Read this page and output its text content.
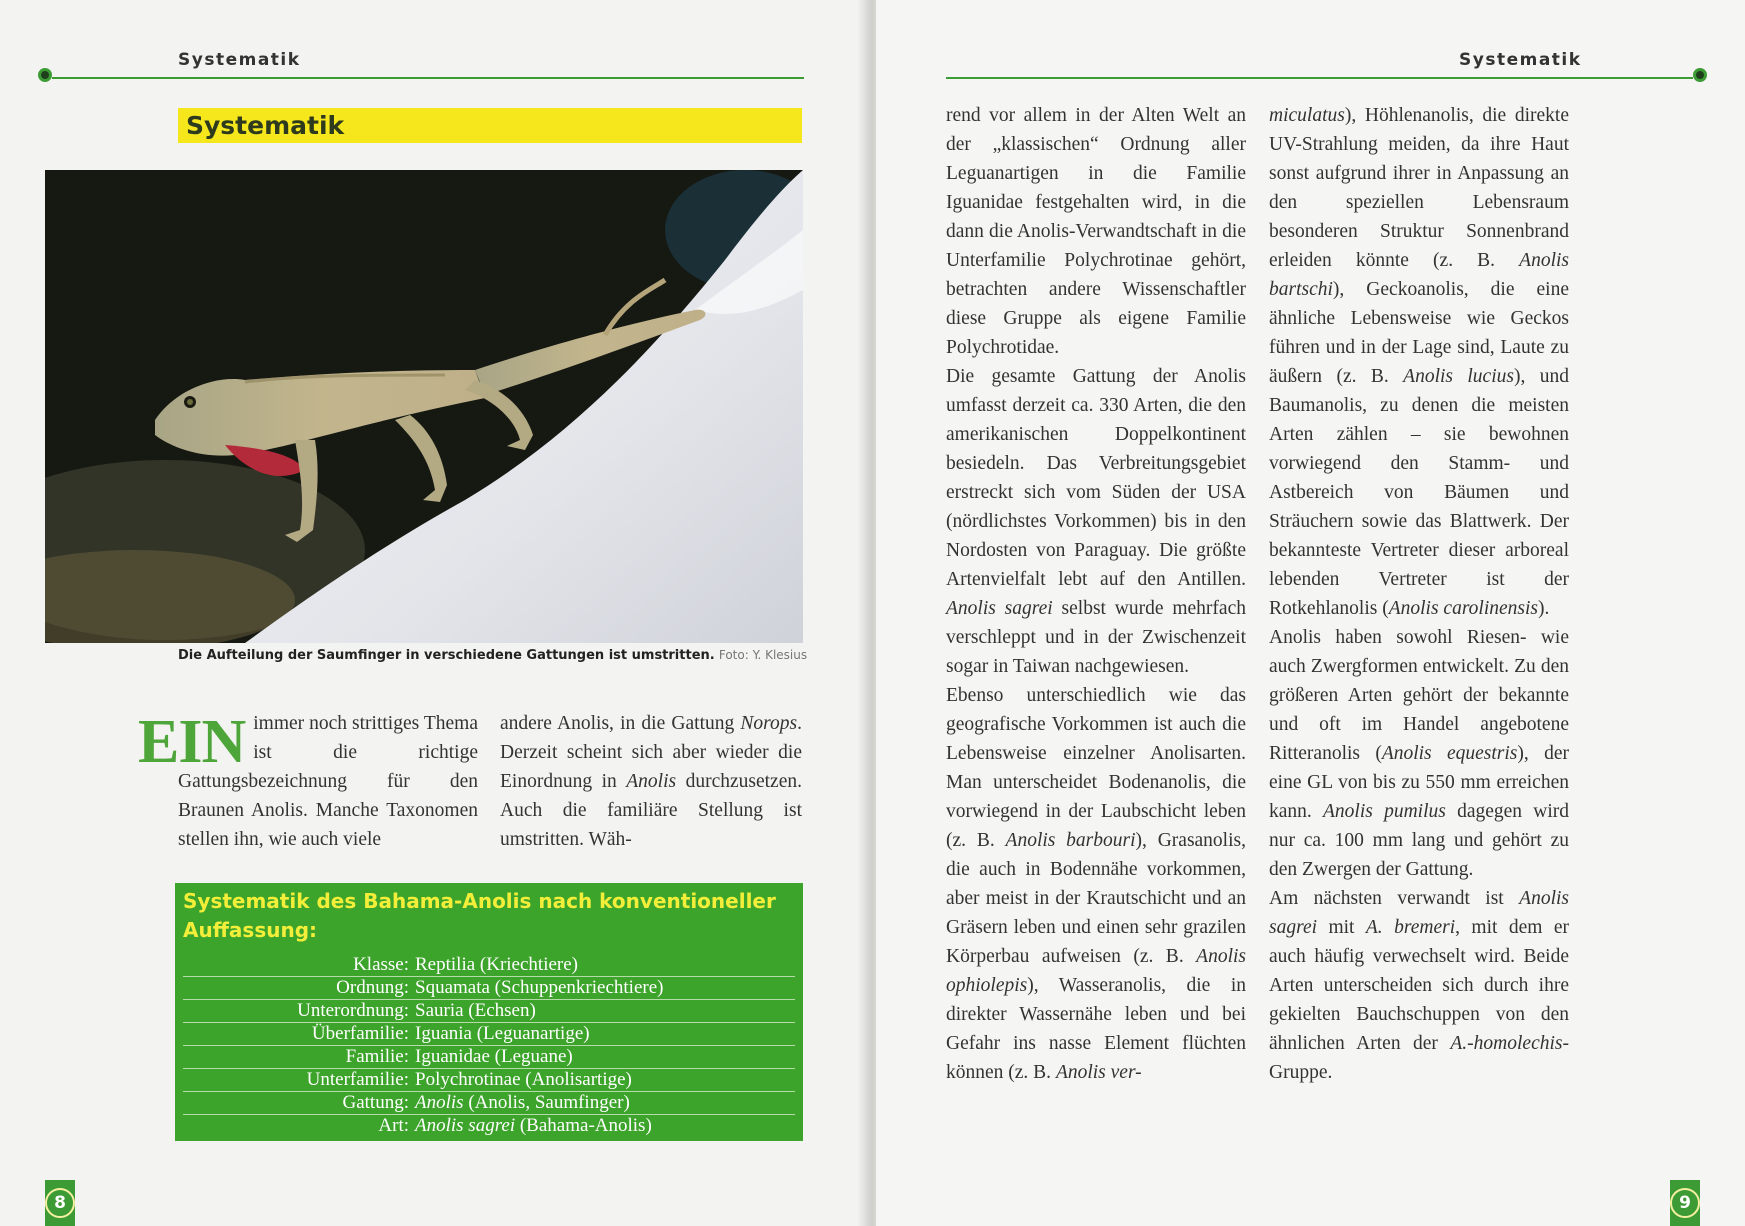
Systematik
Systematik
Die Aufteilung der Saumfinger in verschiedene Gattungen ist umstritten. Foto: Y. Klesius

EIN immer noch strittiges Thema ist die richtige Gattungsbezeichnung für den Braunen Anolis. Manche Taxonomen stellen ihn, wie auch viele

andere Anolis, in die Gattung Norops. Derzeit scheint sich aber wieder die Einordnung in Anolis durchzusetzen. Auch die familiäre Stellung ist umstritten. Wäh-

Systematik des Bahama-Anolis nach konventioneller Auffassung:
Klasse: Reptilia (Kriechtiere)
Ordnung: Squamata (Schuppenkriechtiere)
Unterordnung: Sauria (Echsen)
Überfamilie: Iguania (Leguanartige)
Familie: Iguanidae (Leguane)
Unterfamilie: Polychrotinae (Anolisartige)
Gattung: Anolis (Anolis, Saumfinger)
Art: Anolis sagrei (Bahama-Anolis)
8
Systematik

rend vor allem in der Alten Welt an der „klassischen“ Ordnung aller Leguanartigen in die Familie Iguanidae festgehalten wird, in die dann die Anolis-Verwandtschaft in die Unterfamilie Polychrotinae gehört, betrachten andere Wissenschaftler diese Gruppe als eigene Familie Polychrotidae.

Die gesamte Gattung der Anolis umfasst derzeit ca. 330 Arten, die den amerikanischen Doppelkontinent besiedeln. Das Verbreitungsgebiet erstreckt sich vom Süden der USA (nördlichstes Vorkommen) bis in den Nordosten von Paraguay. Die größte Artenvielfalt lebt auf den Antillen. Anolis sagrei selbst wurde mehrfach verschleppt und in der Zwischenzeit sogar in Taiwan nachgewiesen.

Ebenso unterschiedlich wie das geografische Vorkommen ist auch die Lebensweise einzelner Anolisarten. Man unterscheidet Bodenanolis, die vorwiegend in der Laubschicht leben (z. B. Anolis barbouri), Grasanolis, die auch in Bodennähe vorkommen, aber meist in der Krautschicht und an Gräsern leben und einen sehr grazilen Körperbau aufweisen (z. B. Anolis ophiolepis), Wasseranolis, die in direkter Wassernähe leben und bei Gefahr ins nasse Element flüchten können (z. B. Anolis ver-

miculatus), Höhlenanolis, die direkte UV-Strahlung meiden, da ihre Haut sonst aufgrund ihrer in Anpassung an den speziellen Lebensraum besonderen Struktur Sonnenbrand erleiden könnte (z. B. Anolis bartschi), Geckoanolis, die eine ähnliche Lebensweise wie Geckos führen und in der Lage sind, Laute zu äußern (z. B. Anolis lucius), und Baumanolis, zu denen die meisten Arten zählen – sie bewohnen vorwiegend den Stamm- und Astbereich von Bäumen und Sträuchern sowie das Blattwerk. Der bekannteste Vertreter dieser arboreal lebenden Vertreter ist der Rotkehlanolis (Anolis carolinensis).

Anolis haben sowohl Riesen- wie auch Zwergformen entwickelt. Zu den größeren Arten gehört der bekannte und oft im Handel angebotene Ritteranolis (Anolis equestris), der eine GL von bis zu 550 mm erreichen kann. Anolis pumilus dagegen wird nur ca. 100 mm lang und gehört zu den Zwergen der Gattung.

Am nächsten verwandt ist Anolis sagrei mit A. bremeri, mit dem er auch häufig verwechselt wird. Beide Arten unterscheiden sich durch ihre gekielten Bauchschuppen von den ähnlichen Arten der A.-homolechis-Gruppe.

9
